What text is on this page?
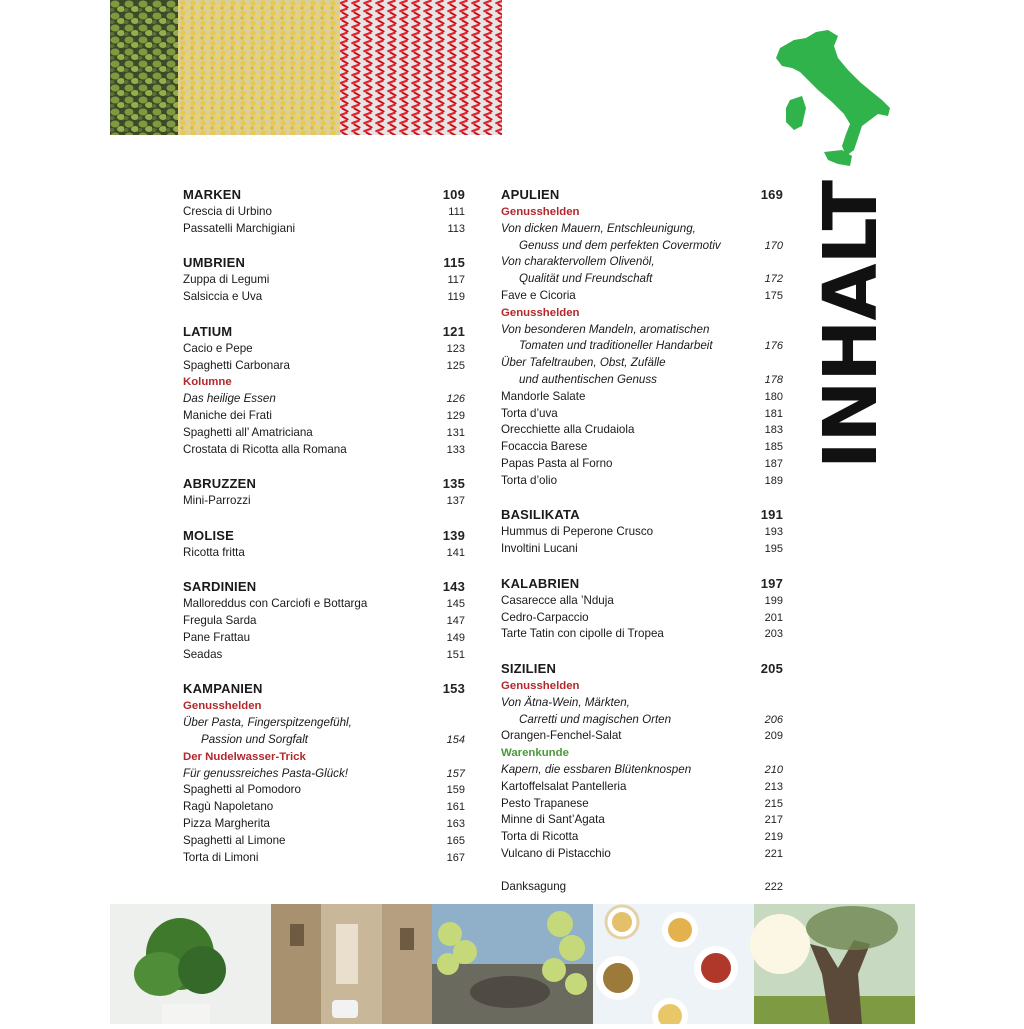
INHALT
MARKEN	109
Crescia di Urbino	111
Passatelli Marchigiani	113
UMBRIEN	115
Zuppa di Legumi	117
Salsiccia e Uva	119
LATIUM	121
Cacio e Pepe	123
Spaghetti Carbonara	125
Kolumne
Das heilige Essen	126
Maniche dei Frati	129
Spaghetti all’ Amatriciana	131
Crostata di Ricotta alla Romana	133
ABRUZZEN	135
Mini-Parrozzi	137
MOLISE	139
Ricotta fritta	141
SARDINIEN	143
Malloreddus con Carciofi e Bottarga	145
Fregula Sarda	147
Pane Frattau	149
Seadas	151
KAMPANIEN	153
Genusshelden
Über Pasta, Fingerspitzengefühl,
Passion und Sorgfalt	154
Der Nudelwasser-Trick
Für genussreiches Pasta-Glück!	157
Spaghetti al Pomodoro	159
Ragù Napoletano	161
Pizza Margherita	163
Spaghetti al Limone	165
Torta di Limoni	167
APULIEN	169
Genusshelden
Von dicken Mauern, Entschleunigung,
Genuss und dem perfekten Covermotiv	170
Von charaktervollem Olivenöl,
Qualität und Freundschaft	172
Fave e Cicoria	175
Genusshelden
Von besonderen Mandeln, aromatischen
Tomaten und traditioneller Handarbeit	176
Über Tafeltrauben, Obst, Zufälle
und authentischen Genuss	178
Mandorle Salate	180
Torta d’uva	181
Orecchiette alla Crudaiola	183
Focaccia Barese	185
Papas Pasta al Forno	187
Torta d’olio	189
BASILIKATA	191
Hummus di Peperone Crusco	193
Involtini Lucani	195
KALABRIEN	197
Casarecce alla ’Nduja	199
Cedro-Carpaccio	201
Tarte Tatin con cipolle di Tropea	203
SIZILIEN	205
Genusshelden
Von Ätna-Wein, Märkten,
Carretti und magischen Orten	206
Orangen-Fenchel-Salat	209
Warenkunde
Kapern, die essbaren Blütenknospen	210
Kartoffelsalat Pantelleria	213
Pesto Trapanese	215
Minne di Sant’Agata	217
Torta di Ricotta	219
Vulcano di Pistacchio	221
Danksagung	222
